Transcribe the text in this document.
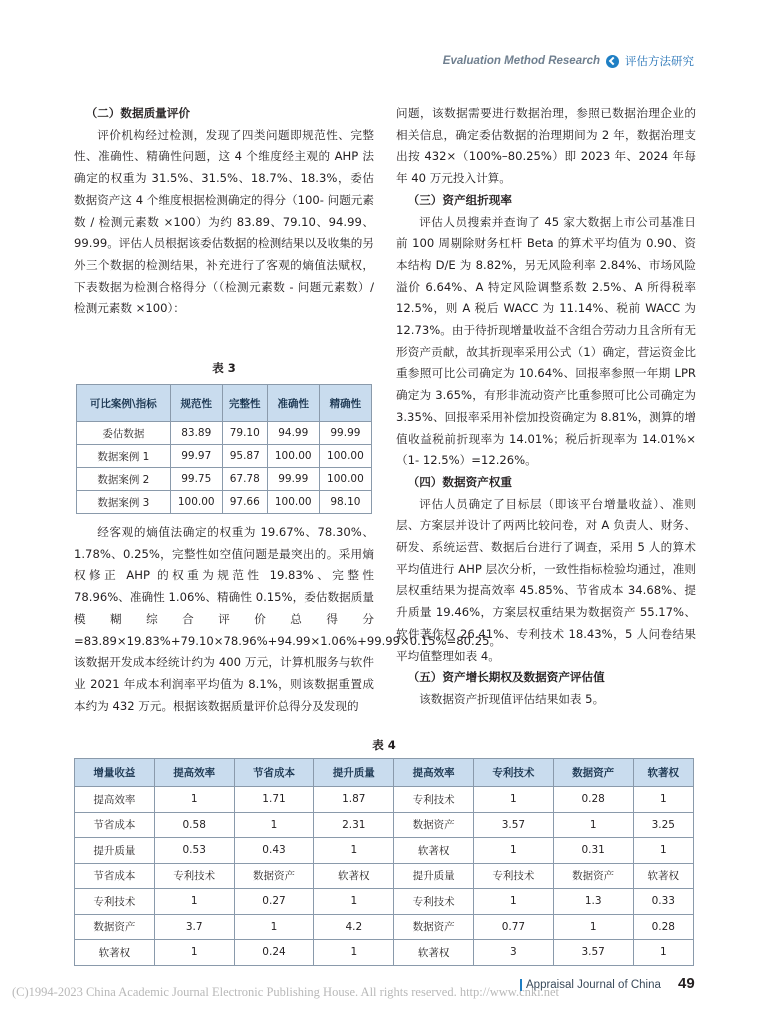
Evaluation Method Research 评估方法研究

（二）数据质量评价

评价机构经过检测，发现了四类问题即规范性、完整性、准确性、精确性问题，这 4 个维度经主观的 AHP 法确定的权重为 31.5%、31.5%、18.7%、18.3%，委估数据资产这 4 个维度根据检测确定的得分（100- 问题元素数 / 检测元素数 ×100）为约 83.89、79.10、94.99、99.99。评估人员根据该委估数据的检测结果以及收集的另外三个数据的检测结果，补充进行了客观的熵值法赋权，下表数据为检测合格得分（（检测元素数 - 问题元素数）/ 检测元素数 ×100）：

表 3
可比案例\指标	规范性	完整性	准确性	精确性
委估数据	83.89	79.10	94.99	99.99
数据案例 1	99.97	95.87	100.00	100.00
数据案例 2	99.75	67.78	99.99	100.00
数据案例 3	100.00	97.66	100.00	98.10

经客观的熵值法确定的权重为 19.67%、78.30%、1.78%、0.25%，完整性如空值问题是最突出的。采用熵权修正 AHP 的权重为规范性 19.83%、完整性 78.96%、准确性 1.06%、精确性 0.15%，委估数据质量模糊综合评价总得分 =83.89×19.83%+79.10×78.96%+94.99×1.06%+99.99×0.15%=80.25。该数据开发成本经统计约为 400 万元，计算机服务与软件业 2021 年成本利润率平均值为 8.1%，则该数据重置成本约为 432 万元。根据该数据质量评价总得分及发现的

问题，该数据需要进行数据治理，参照已数据治理企业的相关信息，确定委估数据的治理期间为 2 年，数据治理支出按 432×（100%–80.25%）即 2023 年、2024 年每年 40 万元投入计算。

（三）资产组折现率

评估人员搜索并查询了 45 家大数据上市公司基准日前 100 周剔除财务杠杆 Beta 的算术平均值为 0.90、资本结构 D/E 为 8.82%，另无风险利率 2.84%、市场风险溢价 6.64%、A 特定风险调整系数 2.5%、A 所得税率 12.5%，则 A 税后 WACC 为 11.14%、税前 WACC 为 12.73%。由于待折现增量收益不含组合劳动力且含所有无形资产贡献，故其折现率采用公式（1）确定，营运资金比重参照可比公司确定为 10.64%、回报率参照一年期 LPR 确定为 3.65%，有形非流动资产比重参照可比公司确定为 3.35%、回报率采用补偿加投资确定为 8.81%，测算的增值收益税前折现率为 14.01%；税后折现率为 14.01%×（1- 12.5%）=12.26%。

（四）数据资产权重

评估人员确定了目标层（即该平台增量收益）、准则层、方案层并设计了两两比较问卷，对 A 负责人、财务、研发、系统运营、数据后台进行了调查，采用 5 人的算术平均值进行 AHP 层次分析，一致性指标检验均通过，准则层权重结果为提高效率 45.85%、节省成本 34.68%、提升质量 19.46%，方案层权重结果为数据资产 55.17%、软件著作权 26.41%、专利技术 18.43%，5 人问卷结果平均值整理如表 4。

（五）资产增长期权及数据资产评估值

该数据资产折现值评估结果如表 5。

表 4
增量收益	提高效率	节省成本	提升质量	提高效率	专利技术	数据资产	软著权
提高效率	1	1.71	1.87	专利技术	1	0.28	1
节省成本	0.58	1	2.31	数据资产	3.57	1	3.25
提升质量	0.53	0.43	1	软著权	1	0.31	1
节省成本	专利技术	数据资产	软著权	提升质量	专利技术	数据资产	软著权
专利技术	1	0.27	1	专利技术	1	1.3	0.33
数据资产	3.7	1	4.2	数据资产	0.77	1	0.28
软著权	1	0.24	1	软著权	3	3.57	1
(C)1994-2023 China Academic Journal Electronic Publishing House. All rights reserved. http://www.cnki.net
Appraisal Journal of China 49
